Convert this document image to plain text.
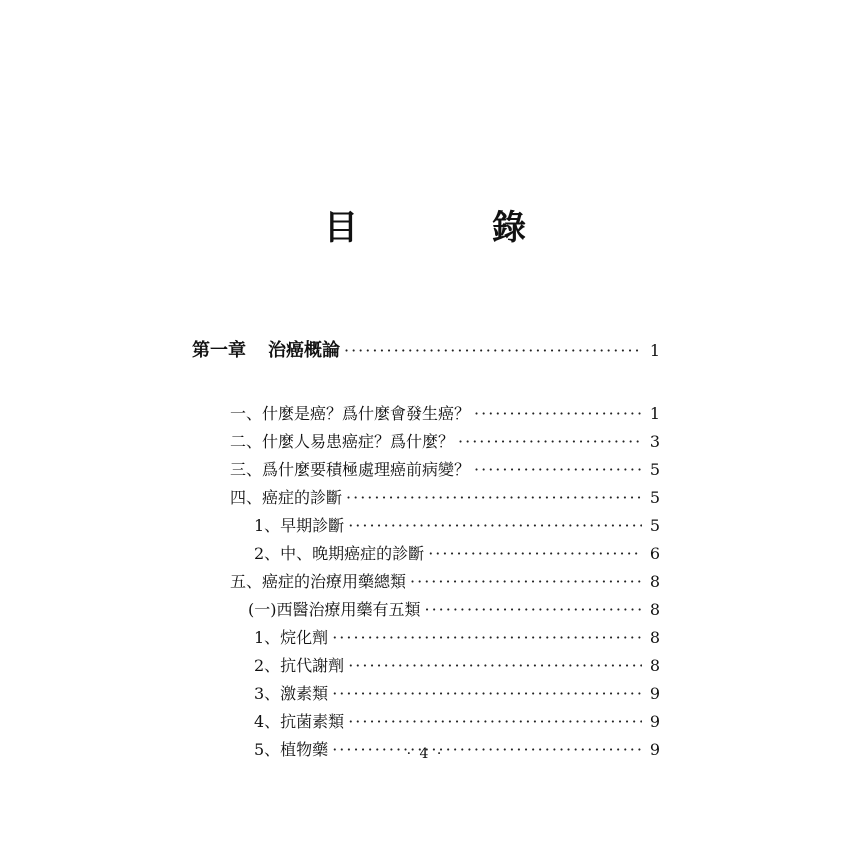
目　錄
第一章 治癌概論 ·····	1
一、什麼是癌？爲什麼會發生癌？ ·····	1
二、什麼人易患癌症？爲什麼？ ·····	3
三、爲什麼要積極處理癌前病變？ ·····	5
四、癌症的診斷 ·····	5
1、早期診斷 ·····	5
2、中、晚期癌症的診斷 ·····	6
五、癌症的治療用藥總類 ·····	8
(一)西醫治療用藥有五類 ·····	8
1、烷化劑 ·····	8
2、抗代謝劑 ·····	8
3、激素類 ·····	9
4、抗菌素類 ·····	9
5、植物藥 ·····	9
· 4 ·
